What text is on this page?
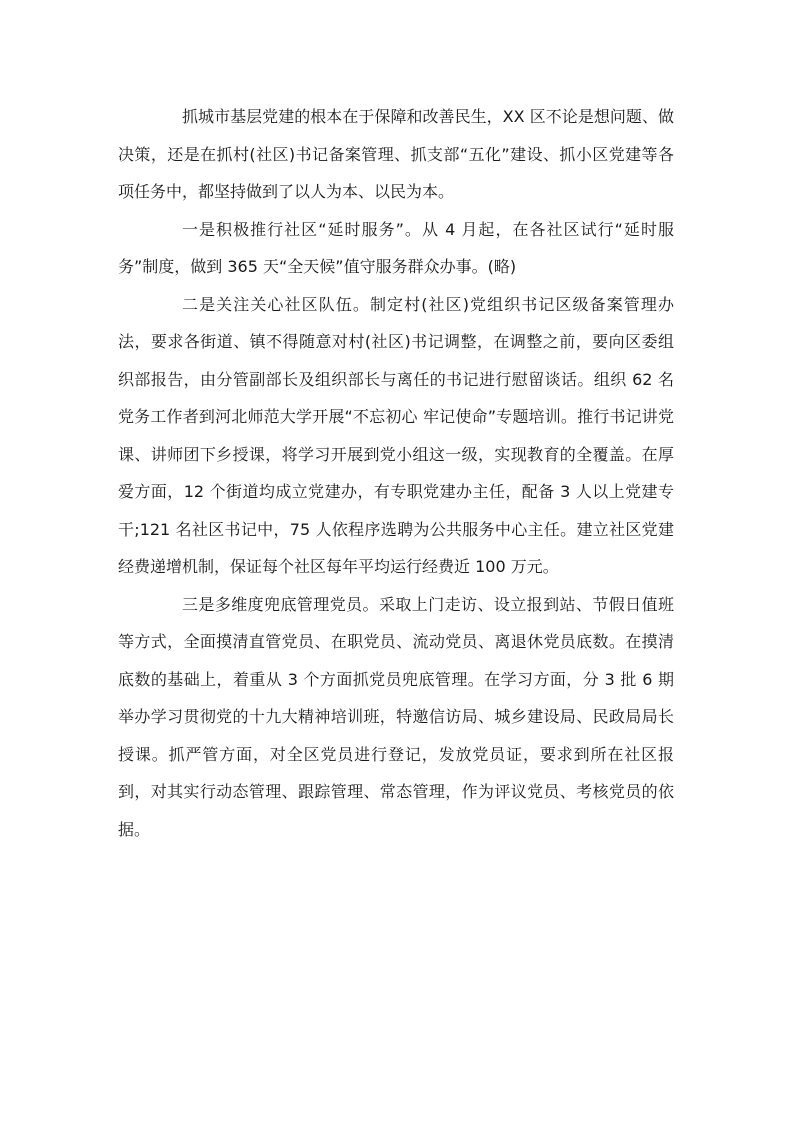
抓城市基层党建的根本在于保障和改善民生，XX 区不论是想问题、做决策，还是在抓村(社区)书记备案管理、抓支部“五化”建设、抓小区党建等各项任务中，都坚持做到了以人为本、以民为本。

一是积极推行社区“延时服务”。从 4 月起，在各社区试行“延时服务”制度，做到 365 天“全天候”值守服务群众办事。(略)

二是关注关心社区队伍。制定村(社区)党组织书记区级备案管理办法，要求各街道、镇不得随意对村(社区)书记调整，在调整之前，要向区委组织部报告，由分管副部长及组织部长与离任的书记进行慰留谈话。组织 62 名党务工作者到河北师范大学开展“不忘初心 牢记使命”专题培训。推行书记讲党课、讲师团下乡授课，将学习开展到党小组这一级，实现教育的全覆盖。在厚爱方面，12 个街道均成立党建办，有专职党建办主任，配备 3 人以上党建专干;121 名社区书记中，75 人依程序选聘为公共服务中心主任。建立社区党建经费递增机制，保证每个社区每年平均运行经费近 100 万元。

三是多维度兜底管理党员。采取上门走访、设立报到站、节假日值班等方式，全面摸清直管党员、在职党员、流动党员、离退休党员底数。在摸清底数的基础上，着重从 3 个方面抓党员兜底管理。在学习方面，分 3 批 6 期举办学习贯彻党的十九大精神培训班，特邀信访局、城乡建设局、民政局局长授课。抓严管方面，对全区党员进行登记，发放党员证，要求到所在社区报到，对其实行动态管理、跟踪管理、常态管理，作为评议党员、考核党员的依据。
